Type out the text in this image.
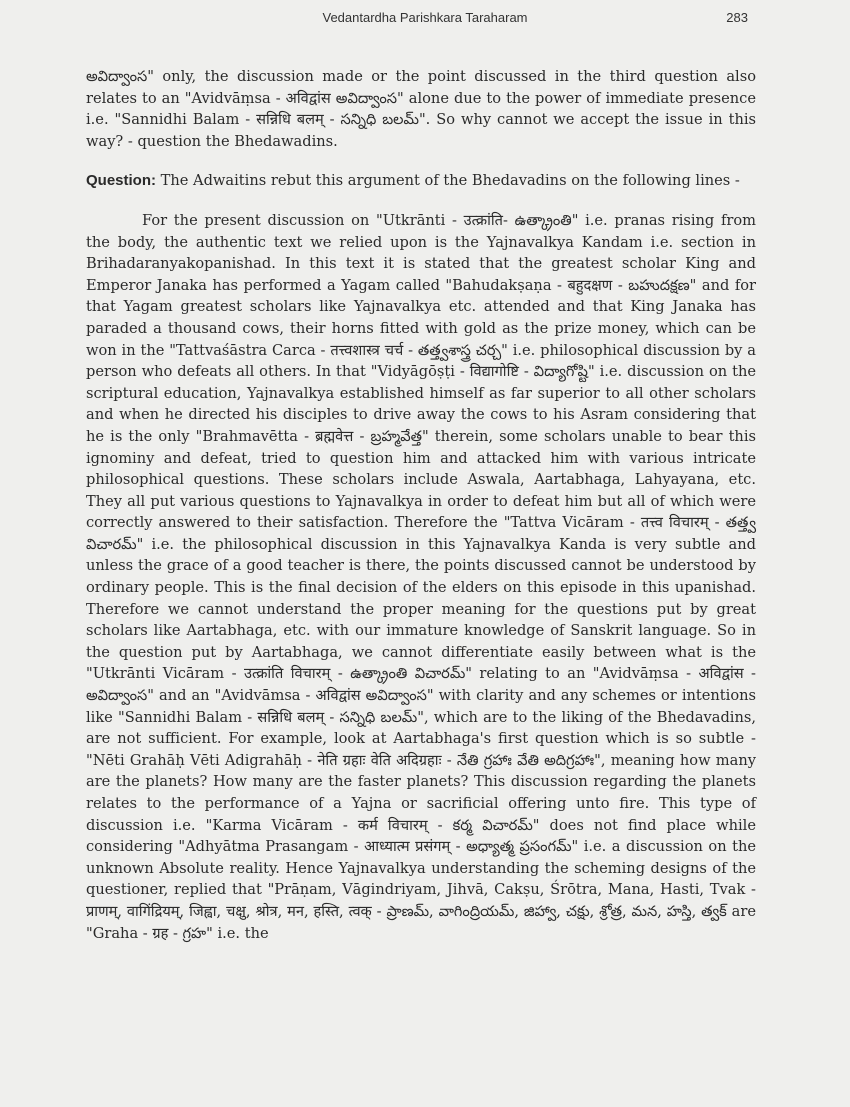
Vedantardha Parishkara Taraharam	283

అవిద్వాంస" only, the discussion made or the point discussed in the third question also relates to an "Avidvāṃsa - अविद्वांस అవిద్వాంస" alone due to the power of immediate presence i.e. "Sannidhi Balam - सन्निधि बलम् - సన్నిధి బలమ్". So why cannot we accept the issue in this way? - question the Bhedawadins.

Question: The Adwaitins rebut this argument of the Bhedavadins on the following lines -

For the present discussion on "Utkrānti - उत्क्रांति- ఉత్క్రాంతి" i.e. pranas rising from the body, the authentic text we relied upon is the Yajnavalkya Kandam i.e. section in Brihadaranyakopanishad. In this text it is stated that the greatest scholar King and Emperor Janaka has performed a Yagam called "Bahudakṣaṇa - बहुदक्षण - బహుదక్షణ" and for that Yagam greatest scholars like Yajnavalkya etc. attended and that King Janaka has paraded a thousand cows, their horns fitted with gold as the prize money, which can be won in the "Tattvaśāstra Carca - तत्त्वशास्त्र चर्च - తత్త్వశాస్త్ర చర్చ" i.e. philosophical discussion by a person who defeats all others. In that "Vidyāgōṣṭi - विद्यागोष्टि - విద్యాగోష్టి" i.e. discussion on the scriptural education, Yajnavalkya established himself as far superior to all other scholars and when he directed his disciples to drive away the cows to his Asram considering that he is the only "Brahmavētta - ब्रह्मवेत्त - బ్రహ్మవేత్త" therein, some scholars unable to bear this ignominy and defeat, tried to question him and attacked him with various intricate philosophical questions. These scholars include Aswala, Aartabhaga, Lahyayana, etc. They all put various questions to Yajnavalkya in order to defeat him but all of which were correctly answered to their satisfaction. Therefore the "Tattva Vicāram - तत्त्व विचारम् - తత్త్వ విచారమ్" i.e. the philosophical discussion in this Yajnavalkya Kanda is very subtle and unless the grace of a good teacher is there, the points discussed cannot be understood by ordinary people. This is the final decision of the elders on this episode in this upanishad. Therefore we cannot understand the proper meaning for the questions put by great scholars like Aartabhaga, etc. with our immature knowledge of Sanskrit language. So in the question put by Aartabhaga, we cannot differentiate easily between what is the "Utkrānti Vicāram - उत्क्रांति विचारम् - ఉత్క్రాంతి విచారమ్" relating to an "Avidvāṃsa - अविद्वांस - అవిద్వాంస" and an "Avidvāmsa - अविद्वांस అవిద్వాంస" with clarity and any schemes or intentions like "Sannidhi Balam - सन्निधि बलम् - సన్నిధి బలమ్", which are to the liking of the Bhedavadins, are not sufficient. For example, look at Aartabhaga's first question which is so subtle - "Nēti Grahāḥ Vēti Adigrahāḥ - नेति ग्रहाः वेति अदिग्रहाः - నేతి గ్రహాః వేతి అదిగ్రహాః", meaning how many are the planets? How many are the faster planets? This discussion regarding the planets relates to the performance of a Yajna or sacrificial offering unto fire. This type of discussion i.e. "Karma Vicāram - कर्म विचारम् - కర్మ విచారమ్" does not find place while considering "Adhyātma Prasangam - आध्यात्म प्रसंगम् - అధ్యాత్మ ప్రసంగమ్" i.e. a discussion on the unknown Absolute reality. Hence Yajnavalkya understanding the scheming designs of the questioner, replied that "Prāṇam, Vāgindriyam, Jihvā, Cakṣu, Śrōtra, Mana, Hasti, Tvak - प्राणम्, वागिंद्रियम्, जिह्वा, चक्षु, श्रोत्र, मन, हस्ति, त्वक् - ప్రాణమ్, వాగింద్రియమ్, జిహ్వా, చక్షు, శ్రోత్ర, మన, హస్తి, త్వక్ are "Graha - ग्रह - గ్రహ" i.e. the
